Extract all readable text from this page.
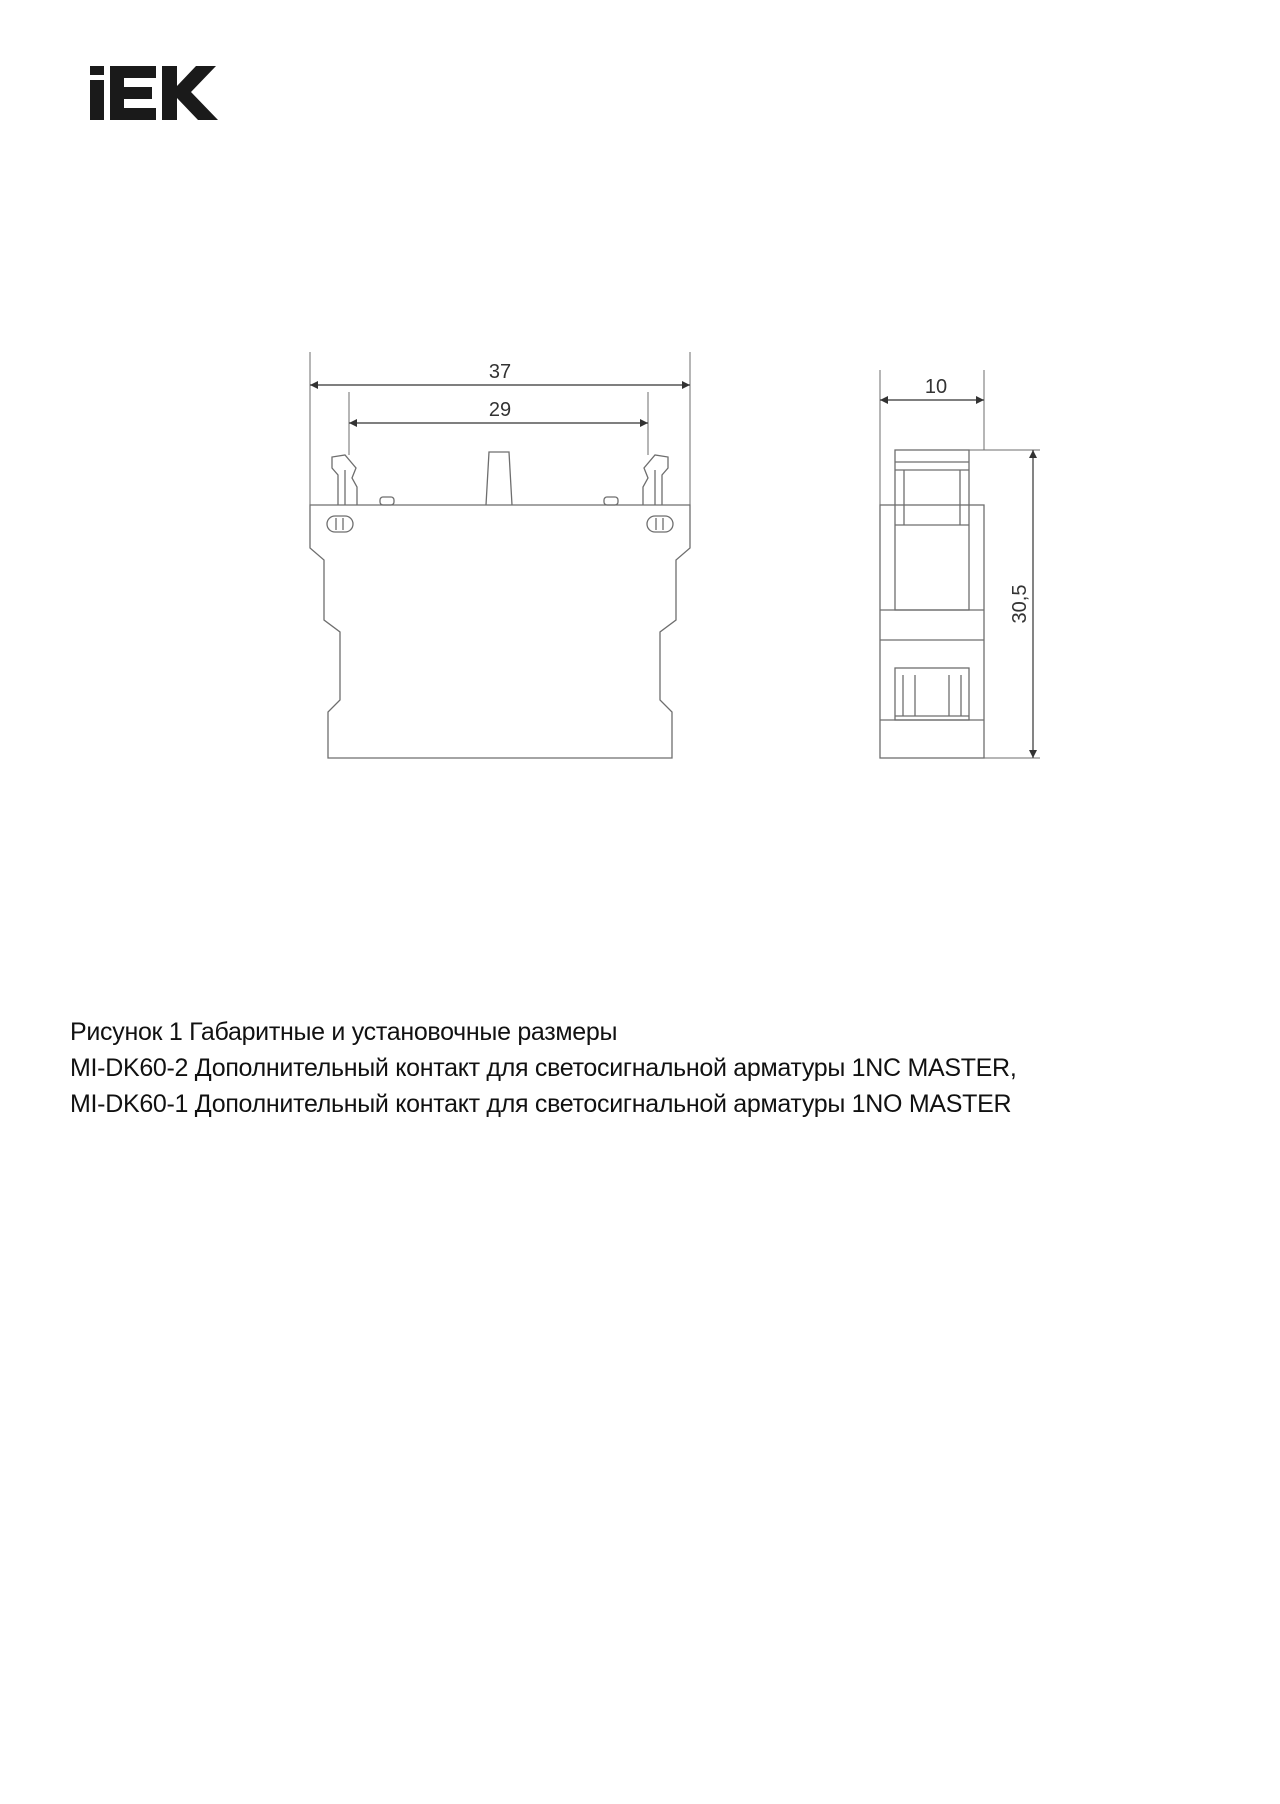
37
29
10
30,5
Рисунок 1 Габаритные и установочные размеры
MI-DK60-2 Дополнительный контакт для светосигнальной арматуры 1NC MASTER,
MI-DK60-1 Дополнительный контакт для светосигнальной арматуры 1NO MASTER
